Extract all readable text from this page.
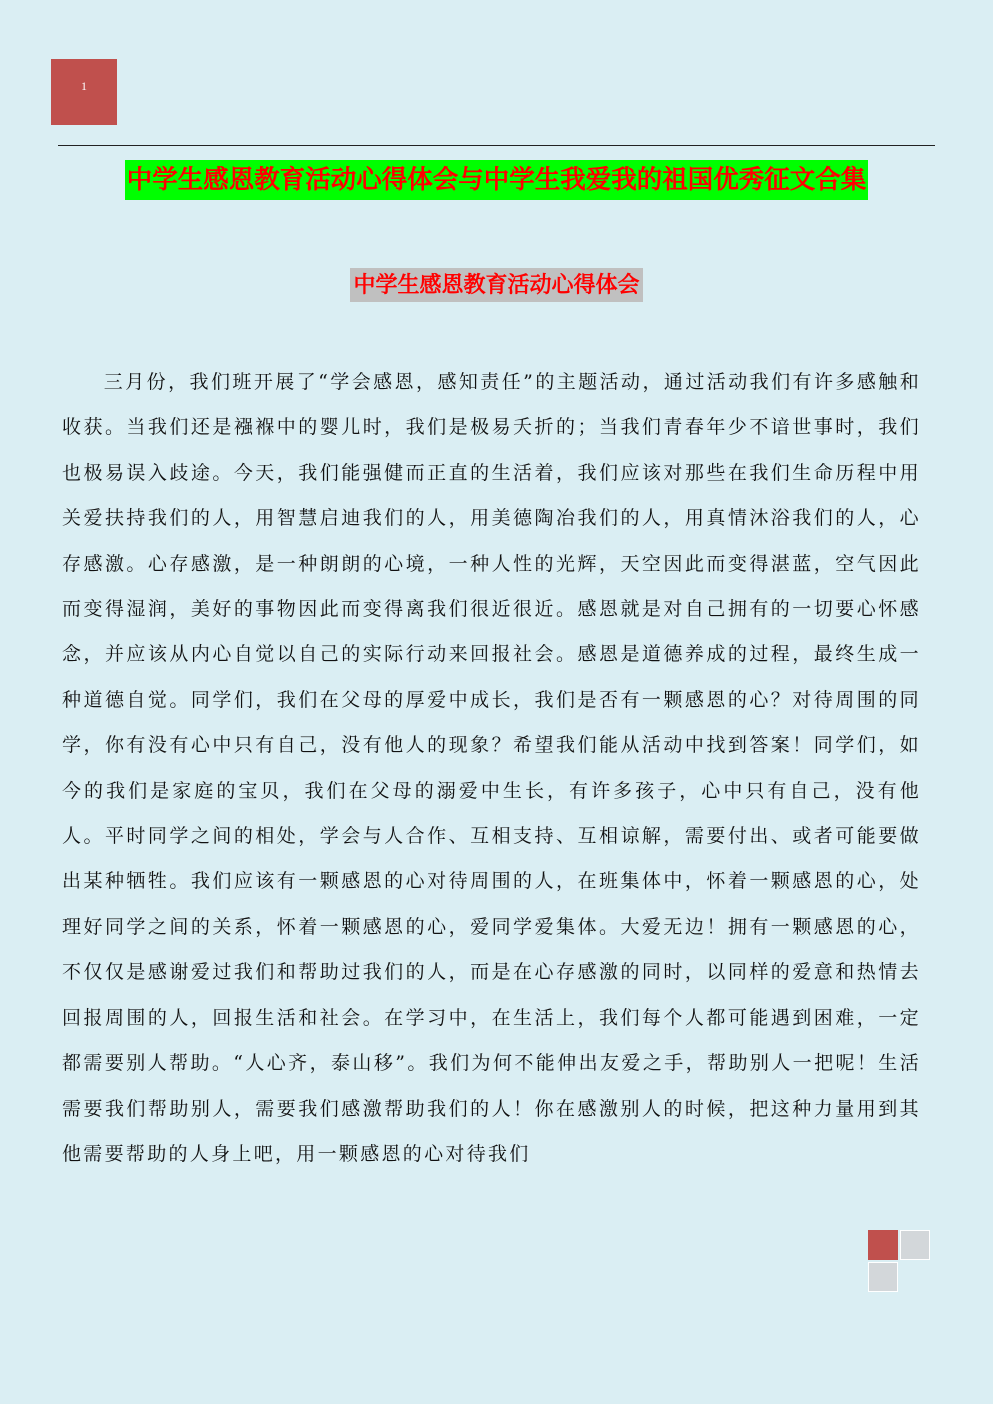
1
中学生感恩教育活动心得体会与中学生我爱我的祖国优秀征文合集
中学生感恩教育活动心得体会

三月份，我们班开展了“学会感恩，感知责任”的主题活动，通过活动我们有许多感触和收获。当我们还是襁褓中的婴儿时，我们是极易夭折的；当我们青春年少不谙世事时，我们也极易误入歧途。今天，我们能强健而正直的生活着，我们应该对那些在我们生命历程中用关爱扶持我们的人，用智慧启迪我们的人，用美德陶冶我们的人，用真情沐浴我们的人，心存感激。心存感激，是一种朗朗的心境，一种人性的光辉，天空因此而变得湛蓝，空气因此而变得湿润，美好的事物因此而变得离我们很近很近。感恩就是对自己拥有的一切要心怀感念，并应该从内心自觉以自己的实际行动来回报社会。感恩是道德养成的过程，最终生成一种道德自觉。同学们，我们在父母的厚爱中成长，我们是否有一颗感恩的心？对待周围的同学，你有没有心中只有自己，没有他人的现象？希望我们能从活动中找到答案！同学们，如今的我们是家庭的宝贝，我们在父母的溺爱中生长，有许多孩子，心中只有自己，没有他人。平时同学之间的相处，学会与人合作、互相支持、互相谅解，需要付出、或者可能要做出某种牺牲。我们应该有一颗感恩的心对待周围的人，在班集体中，怀着一颗感恩的心，处理好同学之间的关系，怀着一颗感恩的心，爱同学爱集体。大爱无边！拥有一颗感恩的心，不仅仅是感谢爱过我们和帮助过我们的人，而是在心存感激的同时，以同样的爱意和热情去回报周围的人，回报生活和社会。在学习中，在生活上，我们每个人都可能遇到困难，一定都需要别人帮助。“人心齐，泰山移”。我们为何不能伸出友爱之手，帮助别人一把呢！生活需要我们帮助别人，需要我们感激帮助我们的人！你在感激别人的时候，把这种力量用到其他需要帮助的人身上吧，用一颗感恩的心对待我们
